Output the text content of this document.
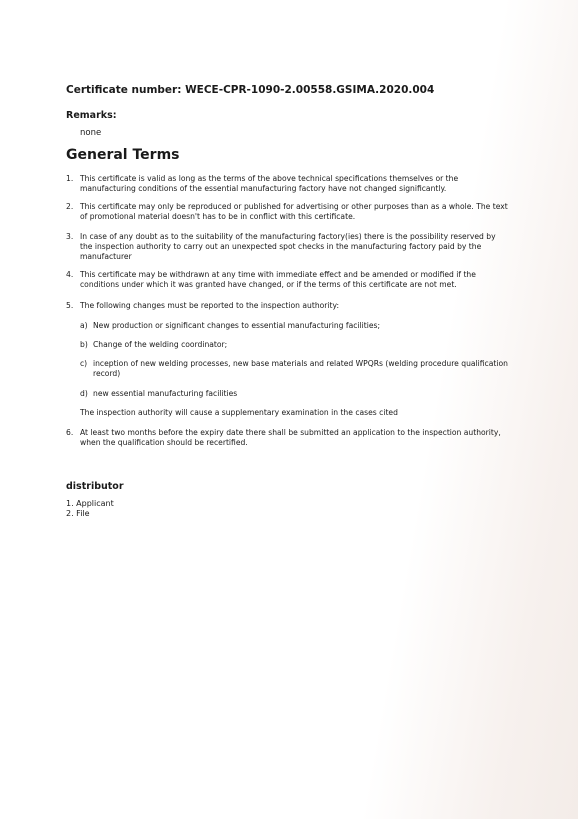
Certificate number: WECE-CPR-1090-2.00558.GSIMA.2020.004
Remarks:
none
General Terms
1. This certificate is valid as long as the terms of the above technical specifications themselves or the manufacturing conditions of the essential manufacturing factory have not changed significantly.
2. This certificate may only be reproduced or published for advertising or other purposes than as a whole. The text of promotional material doesn't has to be in conflict with this certificate.
3. In case of any doubt as to the suitability of the manufacturing factory(ies) there is the possibility reserved by the inspection authority to carry out an unexpected spot checks in the manufacturing factory paid by the manufacturer
4. This certificate may be withdrawn at any time with immediate effect and be amended or modified if the conditions under which it was granted have changed, or if the terms of this certificate are not met.
5. The following changes must be reported to the inspection authority:
a) New production or significant changes to essential manufacturing facilities;
b) Change of the welding coordinator;
c) inception of new welding processes, new base materials and related WPQRs (welding procedure qualification record)
d) new essential manufacturing facilities
The inspection authority will cause a supplementary examination in the cases cited
6. At least two months before the expiry date there shall be submitted an application to the inspection authority, when the qualification should be recertified.
distributor
1. Applicant
2. File
